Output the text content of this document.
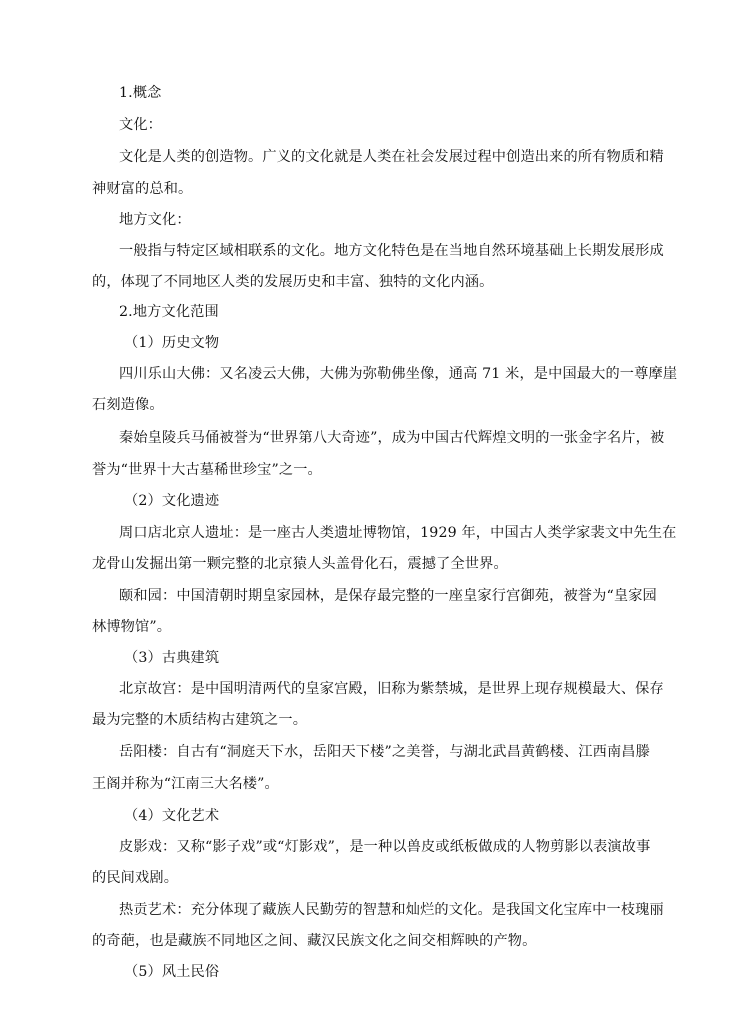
1.概念
文化：
文化是人类的创造物。广义的文化就是人类在社会发展过程中创造出来的所有物质和精
神财富的总和。
地方文化：
一般指与特定区域相联系的文化。地方文化特色是在当地自然环境基础上长期发展形成
的，体现了不同地区人类的发展历史和丰富、独特的文化内涵。
2.地方文化范围
（1）历史文物
四川乐山大佛：又名凌云大佛，大佛为弥勒佛坐像，通高 71 米，是中国最大的一尊摩崖
石刻造像。
秦始皇陵兵马俑被誉为“世界第八大奇迹”，成为中国古代辉煌文明的一张金字名片，被
誉为“世界十大古墓稀世珍宝”之一。
（2）文化遗迹
周口店北京人遗址：是一座古人类遗址博物馆，1929 年，中国古人类学家裴文中先生在
龙骨山发掘出第一颗完整的北京猿人头盖骨化石，震撼了全世界。
颐和园：中国清朝时期皇家园林，是保存最完整的一座皇家行宫御苑，被誉为“皇家园
林博物馆”。
（3）古典建筑
北京故宫：是中国明清两代的皇家宫殿，旧称为紫禁城，是世界上现存规模最大、保存
最为完整的木质结构古建筑之一。
岳阳楼：自古有“洞庭天下水，岳阳天下楼”之美誉，与湖北武昌黄鹤楼、江西南昌滕
王阁并称为“江南三大名楼”。
（4）文化艺术
皮影戏：又称“影子戏”或“灯影戏”，是一种以兽皮或纸板做成的人物剪影以表演故事
的民间戏剧。
热贡艺术：充分体现了藏族人民勤劳的智慧和灿烂的文化。是我国文化宝库中一枝瑰丽
的奇葩，也是藏族不同地区之间、藏汉民族文化之间交相辉映的产物。
（5）风土民俗
